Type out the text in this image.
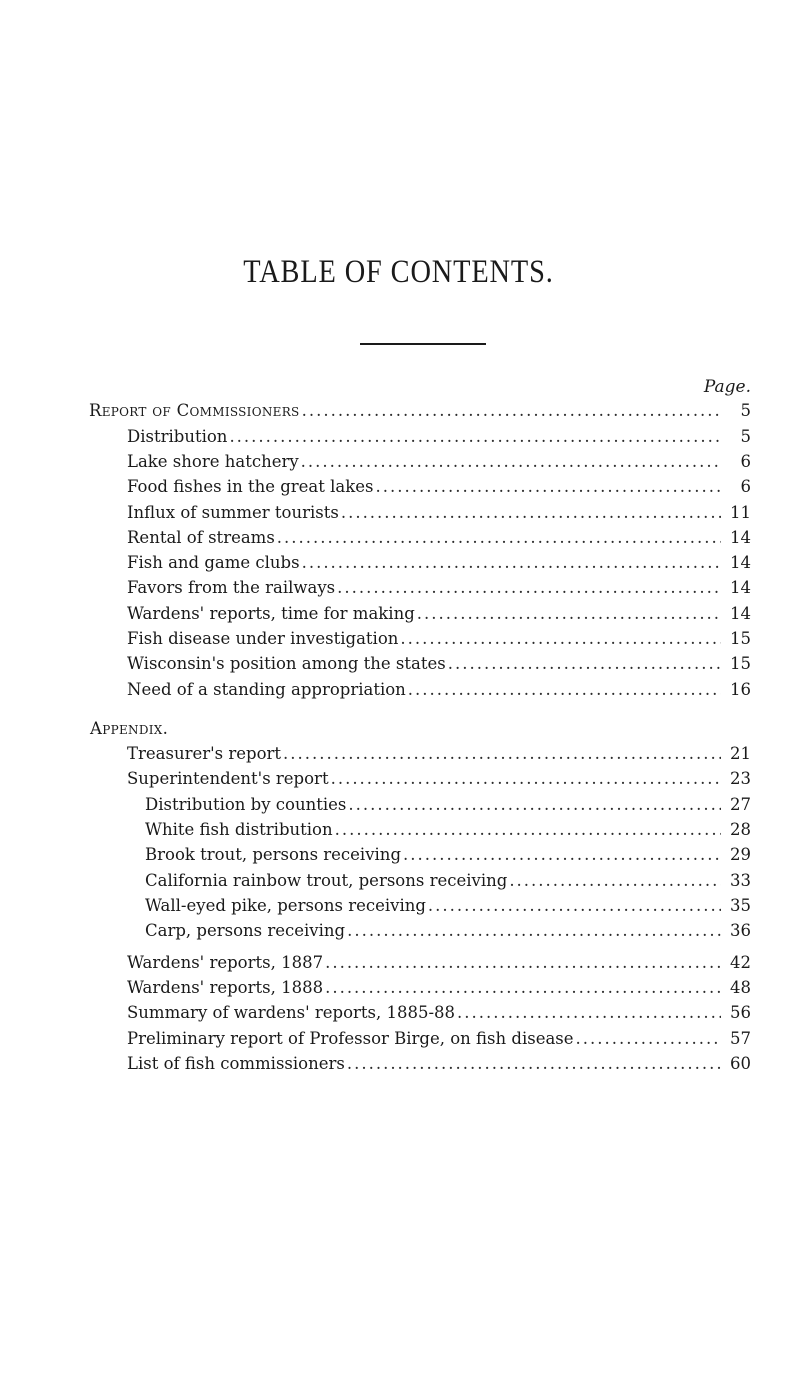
TABLE OF CONTENTS.
Page.
Report of Commissioners .....	5
Distribution .....	5
Lake shore hatchery .....	6
Food fishes in the great lakes .....	6
Influx of summer tourists .....	11
Rental of streams .....	14
Fish and game clubs .....	14
Favors from the railways .....	14
Wardens' reports, time for making .....	14
Fish disease under investigation .....	15
Wisconsin's position among the states .....	15
Need of a standing appropriation .....	16
Appendix.
Treasurer's report .....	21
Superintendent's report .....	23
Distribution by counties .....	27
White fish distribution .....	28
Brook trout, persons receiving .....	29
California rainbow trout, persons receiving .....	33
Wall-eyed pike, persons receiving .....	35
Carp, persons receiving .....	36
Wardens' reports, 1887 .....	42
Wardens' reports, 1888 .....	48
Summary of wardens' reports, 1885-88 .....	56
Preliminary report of Professor Birge, on fish disease .....	57
List of fish commissioners .....	60
